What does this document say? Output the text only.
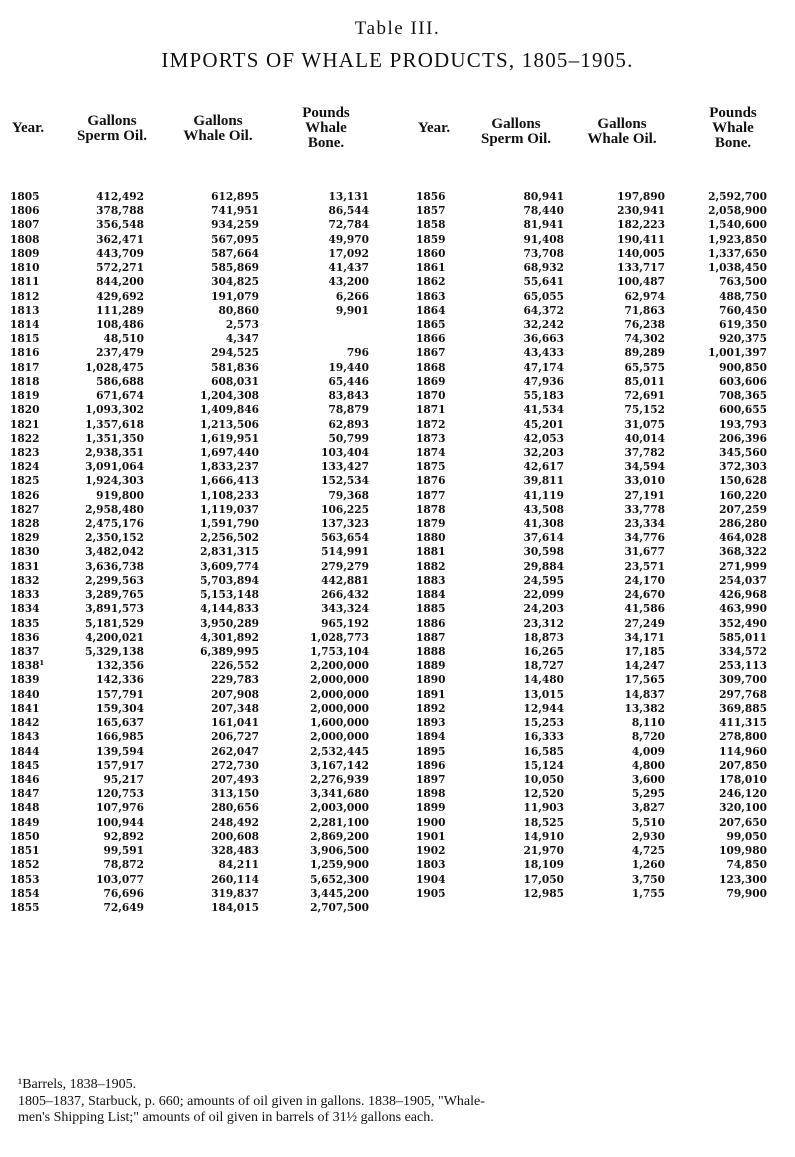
Table III.
IMPORTS OF WHALE PRODUCTS, 1805–1905.
Year.	Gallons
Sperm Oil.
Gallons
Whale Oil.
Pounds
Whale
Bone.
Year.	Gallons
Sperm Oil.
Gallons
Whale Oil.
Pounds
Whale
Bone.
1805
1806
1807
1808
1809
1810
1811
1812
1813
1814
1815
1816
1817
1818
1819
1820
1821
1822
1823
1824
1825
1826
1827
1828
1829
1830
1831
1832
1833
1834
1835
1836
1837
1838¹
1839
1840
1841
1842
1843
1844
1845
1846
1847
1848
1849
1850
1851
1852
1853
1854
1855
412,492
378,788
356,548
362,471
443,709
572,271
844,200
429,692
111,289
108,486
48,510
237,479
1,028,475
586,688
671,674
1,093,302
1,357,618
1,351,350
2,938,351
3,091,064
1,924,303
919,800
2,958,480
2,475,176
2,350,152
3,482,042
3,636,738
2,299,563
3,289,765
3,891,573
5,181,529
4,200,021
5,329,138
132,356
142,336
157,791
159,304
165,637
166,985
139,594
157,917
95,217
120,753
107,976
100,944
92,892
99,591
78,872
103,077
76,696
72,649
612,895
741,951
934,259
567,095
587,664
585,869
304,825
191,079
80,860
2,573
4,347
294,525
581,836
608,031
1,204,308
1,409,846
1,213,506
1,619,951
1,697,440
1,833,237
1,666,413
1,108,233
1,119,037
1,591,790
2,256,502
2,831,315
3,609,774
5,703,894
5,153,148
4,144,833
3,950,289
4,301,892
6,389,995
226,552
229,783
207,908
207,348
161,041
206,727
262,047
272,730
207,493
313,150
280,656
248,492
200,608
328,483
84,211
260,114
319,837
184,015
13,131
86,544
72,784
49,970
17,092
41,437
43,200
6,266
9,901
796
19,440
65,446
83,843
78,879
62,893
50,799
103,404
133,427
152,534
79,368
106,225
137,323
563,654
514,991
279,279
442,881
266,432
343,324
965,192
1,028,773
1,753,104
2,200,000
2,000,000
2,000,000
2,000,000
1,600,000
2,000,000
2,532,445
3,167,142
2,276,939
3,341,680
2,003,000
2,281,100
2,869,200
3,906,500
1,259,900
5,652,300
3,445,200
2,707,500
1856
1857
1858
1859
1860
1861
1862
1863
1864
1865
1866
1867
1868
1869
1870
1871
1872
1873
1874
1875
1876
1877
1878
1879
1880
1881
1882
1883
1884
1885
1886
1887
1888
1889
1890
1891
1892
1893
1894
1895
1896
1897
1898
1899
1900
1901
1902
1803
1904
1905
80,941
78,440
81,941
91,408
73,708
68,932
55,641
65,055
64,372
32,242
36,663
43,433
47,174
47,936
55,183
41,534
45,201
42,053
32,203
42,617
39,811
41,119
43,508
41,308
37,614
30,598
29,884
24,595
22,099
24,203
23,312
18,873
16,265
18,727
14,480
13,015
12,944
15,253
16,333
16,585
15,124
10,050
12,520
11,903
18,525
14,910
21,970
18,109
17,050
12,985
197,890
230,941
182,223
190,411
140,005
133,717
100,487
62,974
71,863
76,238
74,302
89,289
65,575
85,011
72,691
75,152
31,075
40,014
37,782
34,594
33,010
27,191
33,778
23,334
34,776
31,677
23,571
24,170
24,670
41,586
27,249
34,171
17,185
14,247
17,565
14,837
13,382
8,110
8,720
4,009
4,800
3,600
5,295
3,827
5,510
2,930
4,725
1,260
3,750
1,755
2,592,700
2,058,900
1,540,600
1,923,850
1,337,650
1,038,450
763,500
488,750
760,450
619,350
920,375
1,001,397
900,850
603,606
708,365
600,655
193,793
206,396
345,560
372,303
150,628
160,220
207,259
286,280
464,028
368,322
271,999
254,037
426,968
463,990
352,490
585,011
334,572
253,113
309,700
297,768
369,885
411,315
278,800
114,960
207,850
178,010
246,120
320,100
207,650
99,050
109,980
74,850
123,300
79,900
¹Barrels, 1838–1905.
1805–1837, Starbuck, p. 660; amounts of oil given in gallons. 1838–1905, "Whale-
men's Shipping List;" amounts of oil given in barrels of 31½ gallons each.
